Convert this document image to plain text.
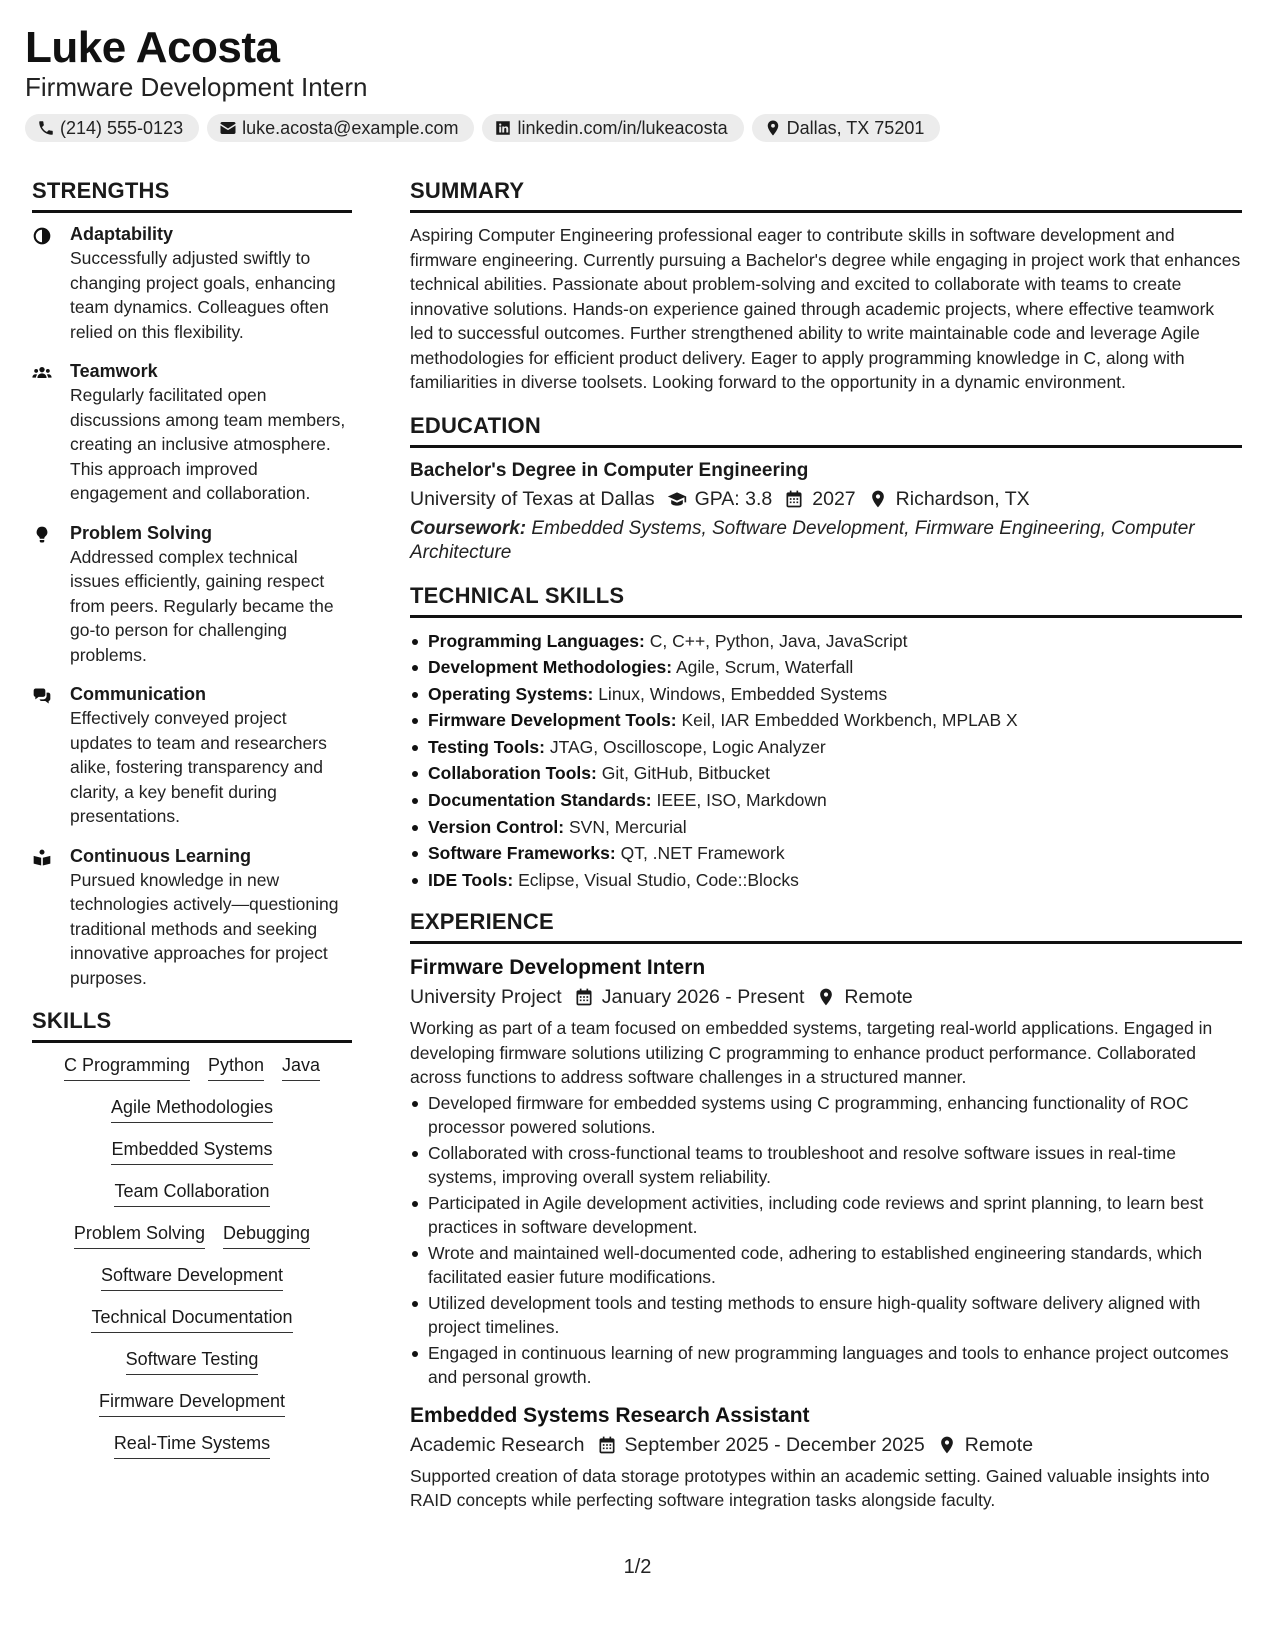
Luke Acosta
Firmware Development Intern
(214) 555-0123	luke.acosta@example.com	linkedin.com/in/lukeacosta	Dallas, TX 75201
STRENGTHS
Adaptability
Successfully adjusted swiftly to changing project goals, enhancing team dynamics. Colleagues often relied on this flexibility.
Teamwork
Regularly facilitated open discussions among team members, creating an inclusive atmosphere. This approach improved engagement and collaboration.
Problem Solving
Addressed complex technical issues efficiently, gaining respect from peers. Regularly became the go-to person for challenging problems.
Communication
Effectively conveyed project updates to team and researchers alike, fostering transparency and clarity, a key benefit during presentations.
Continuous Learning
Pursued knowledge in new technologies actively—questioning traditional methods and seeking innovative approaches for project purposes.
SKILLS
C Programming Python Java
Agile Methodologies
Embedded Systems
Team Collaboration
Problem Solving Debugging
Software Development
Technical Documentation
Software Testing
Firmware Development
Real-Time Systems
SUMMARY
Aspiring Computer Engineering professional eager to contribute skills in software development and firmware engineering. Currently pursuing a Bachelor's degree while engaging in project work that enhances technical abilities. Passionate about problem-solving and excited to collaborate with teams to create innovative solutions. Hands-on experience gained through academic projects, where effective teamwork led to successful outcomes. Further strengthened ability to write maintainable code and leverage Agile methodologies for efficient product delivery. Eager to apply programming knowledge in C, along with familiarities in diverse toolsets. Looking forward to the opportunity in a dynamic environment.
EDUCATION
Bachelor's Degree in Computer Engineering
University of Texas at Dallas GPA: 3.8 2027 Richardson, TX
Coursework: Embedded Systems, Software Development, Firmware Engineering, Computer Architecture
TECHNICAL SKILLS
Programming Languages: C, C++, Python, Java, JavaScript
Development Methodologies: Agile, Scrum, Waterfall
Operating Systems: Linux, Windows, Embedded Systems
Firmware Development Tools: Keil, IAR Embedded Workbench, MPLAB X
Testing Tools: JTAG, Oscilloscope, Logic Analyzer
Collaboration Tools: Git, GitHub, Bitbucket
Documentation Standards: IEEE, ISO, Markdown
Version Control: SVN, Mercurial
Software Frameworks: QT, .NET Framework
IDE Tools: Eclipse, Visual Studio, Code::Blocks
EXPERIENCE
Firmware Development Intern
University Project January 2026 - Present Remote
Working as part of a team focused on embedded systems, targeting real-world applications. Engaged in developing firmware solutions utilizing C programming to enhance product performance. Collaborated across functions to address software challenges in a structured manner.
Developed firmware for embedded systems using C programming, enhancing functionality of ROC processor powered solutions.
Collaborated with cross-functional teams to troubleshoot and resolve software issues in real-time systems, improving overall system reliability.
Participated in Agile development activities, including code reviews and sprint planning, to learn best practices in software development.
Wrote and maintained well-documented code, adhering to established engineering standards, which facilitated easier future modifications.
Utilized development tools and testing methods to ensure high-quality software delivery aligned with project timelines.
Engaged in continuous learning of new programming languages and tools to enhance project outcomes and personal growth.
Embedded Systems Research Assistant
Academic Research September 2025 - December 2025 Remote
Supported creation of data storage prototypes within an academic setting. Gained valuable insights into RAID concepts while perfecting software integration tasks alongside faculty.
1/2
